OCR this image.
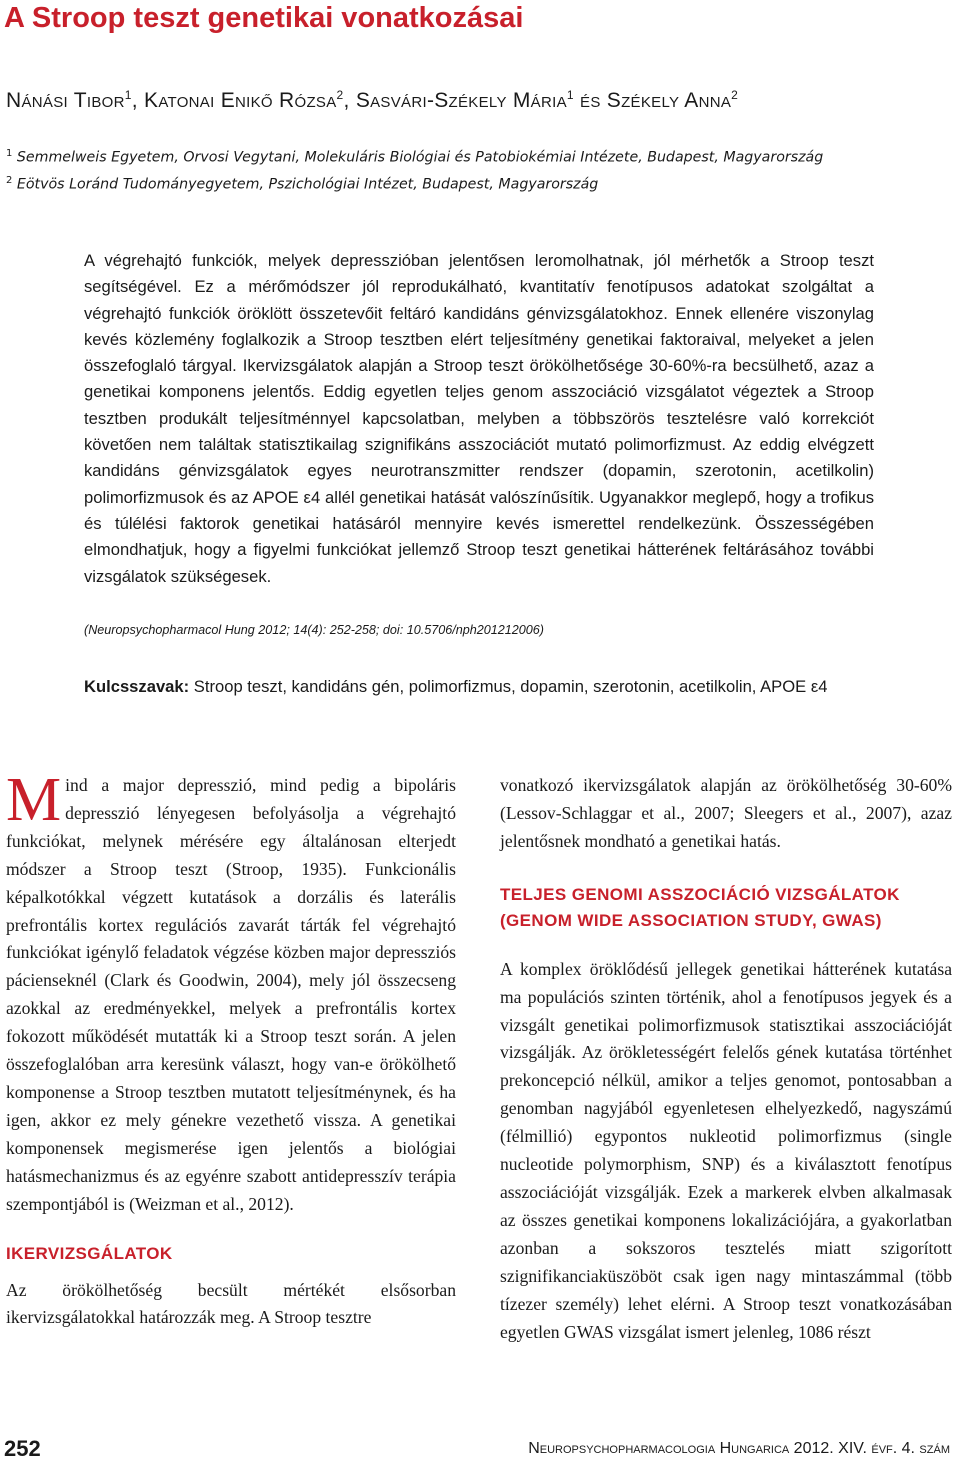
A Stroop teszt genetikai vonatkozásai

Nánási Tibor$^1$, Katonai Enikő Rózsa$^2$, Sasvári-Székely Mária$^1$ és Székely Anna$^2$

$^1$ Semmelweis Egyetem, Orvosi Vegytani, Molekuláris Biológiai és Patobiokémiai Intézete, Budapest, Magyarország

$^2$ Eötvös Loránd Tudományegyetem, Pszichológiai Intézet, Budapest, Magyarország

A végrehajtó funkciók, melyek depresszióban jelentősen leromolhatnak, jól mérhetők a Stroop teszt segítségével. Ez a mérőmódszer jól reprodukálható, kvantitatív fenotípusos adatokat szolgáltat a végrehajtó funkciók öröklött összetevőit feltáró kandidáns génvizsgálatokhoz. Ennek ellenére viszonylag kevés közlemény foglalkozik a Stroop tesztben elért teljesítmény genetikai faktoraival, melyeket a jelen összefoglaló tárgyal. Ikervizsgálatok alapján a Stroop teszt örökölhetősége 30-60%-ra becsülhető, azaz a genetikai komponens jelentős. Eddig egyetlen teljes genom asszociáció vizsgálatot végeztek a Stroop tesztben produkált teljesítménnyel kapcsolatban, melyben a többszörös tesztelésre való korrekciót követően nem találtak statisztikailag szignifikáns asszociációt mutató polimorfizmust. Az eddig elvégzett kandidáns génvizsgálatok egyes neurotranszmitter rendszer (dopamin, szerotonin, acetilkolin) polimorfizmusok és az APOE ε4 allél genetikai hatását valószínűsítik. Ugyanakkor meglepő, hogy a trofikus és túlélési faktorok genetikai hatásáról mennyire kevés ismerettel rendelkezünk. Összességében elmondhatjuk, hogy a figyelmi funkciókat jellemző Stroop teszt genetikai hátterének feltárásához további vizsgálatok szükségesek.

(Neuropsychopharmacol Hung 2012; 14(4): 252-258; doi: 10.5706/nph201212006)

Kulcsszavak: Stroop teszt, kandidáns gén, polimorfizmus, dopamin, szerotonin, acetilkolin, APOE ε4

Mind a major depresszió, mind pedig a bipoláris depresszió lényegesen befolyásolja a végrehajtó funkciókat, melynek mérésére egy általánosan elterjedt módszer a Stroop teszt (Stroop, 1935). Funkcionális képalkotókkal végzett kutatások a dorzális és laterális prefrontális kortex regulációs zavarát tárták fel végrehajtó funkciókat igénylő feladatok végzése közben major depressziós pácienseknél (Clark és Goodwin, 2004), mely jól összecseng azokkal az eredményekkel, melyek a prefrontális kortex fokozott működését mutatták ki a Stroop teszt során. A jelen összefoglalóban arra keresünk választ, hogy van-e örökölhető komponense a Stroop tesztben mutatott teljesítménynek, és ha igen, akkor ez mely génekre vezethető vissza. A genetikai komponensek megismerése igen jelentős a biológiai hatásmechanizmus és az egyénre szabott antidepresszív terápia szempontjából is (Weizman et al., 2012).

IKERVIZSGÁLATOK

Az örökölhetőség becsült mértékét elsősorban ikervizsgálatokkal határozzák meg. A Stroop tesztre

vonatkozó ikervizsgálatok alapján az örökölhetőség 30-60% (Lessov-Schlaggar et al., 2007; Sleegers et al., 2007), azaz jelentősnek mondható a genetikai hatás.

TELJES GENOMI ASSZOCIÁCIÓ VIZSGÁLATOK
(GENOM WIDE ASSOCIATION STUDY, GWAS)

A komplex öröklődésű jellegek genetikai hátterének kutatása ma populációs szinten történik, ahol a fenotípusos jegyek és a vizsgált genetikai polimorfizmusok statisztikai asszociációját vizsgálják. Az örökletességért felelős gének kutatása történhet prekoncepció nélkül, amikor a teljes genomot, pontosabban a genomban nagyjából egyenletesen elhelyezkedő, nagyszámú (félmillió) egypontos nukleotid polimorfizmus (single nucleotide polymorphism, SNP) és a kiválasztott fenotípus asszociációját vizsgálják. Ezek a markerek elvben alkalmasak az összes genetikai komponens lokalizációjára, a gyakorlatban azonban a sokszoros tesztelés miatt szigorított szignifikanciaküszöböt csak igen nagy mintaszámmal (több tízezer személy) lehet elérni. A Stroop teszt vonatkozásában egyetlen GWAS vizsgálat ismert jelenleg, 1086 részt

252	Neuropsychopharmacologia Hungarica 2012. XIV. évf. 4. szám
